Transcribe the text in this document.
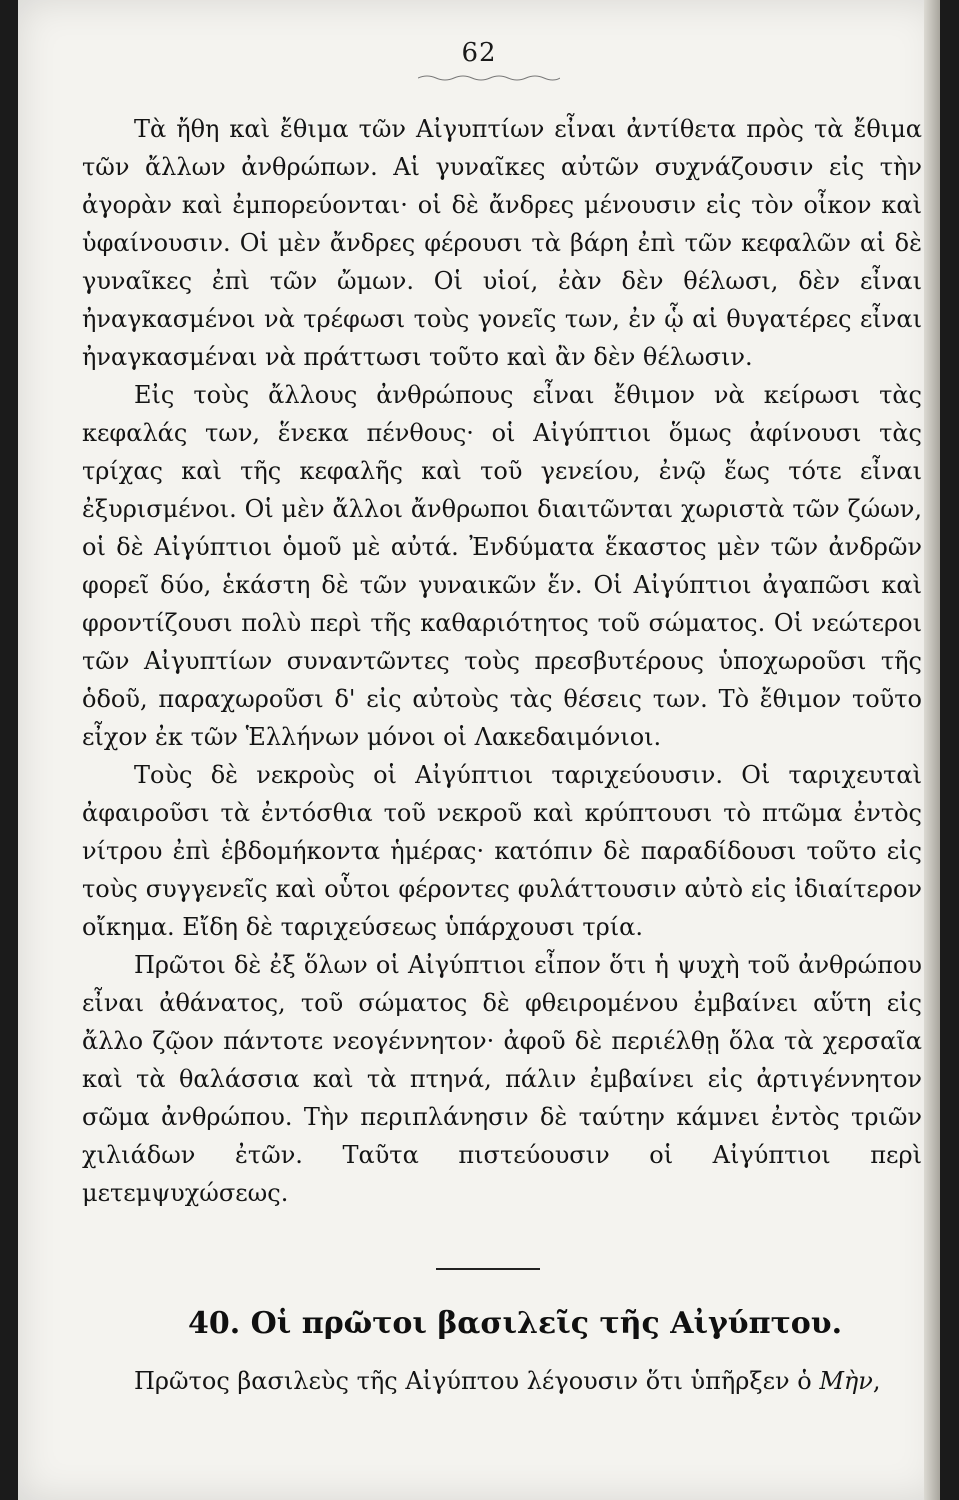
62

Τὰ ἤθη καὶ ἔθιμα τῶν Αἰγυπτίων εἶναι ἀντίθετα πρὸς τὰ ἔθιμα τῶν ἄλλων ἀνθρώπων. Αἱ γυναῖκες αὐτῶν συχνάζουσιν εἰς τὴν ἀγορὰν καὶ ἐμπορεύονται· οἱ δὲ ἄνδρες μένουσιν εἰς τὸν οἶκον καὶ ὑφαίνουσιν. Οἱ μὲν ἄνδρες φέρουσι τὰ βάρη ἐπὶ τῶν κεφαλῶν αἱ δὲ γυναῖκες ἐπὶ τῶν ὤμων. Οἱ υἱοί, ἐὰν δὲν θέλωσι, δὲν εἶναι ἠναγκασμένοι νὰ τρέφωσι τοὺς γονεῖς των, ἐν ᾧ αἱ θυγατέρες εἶναι ἠναγκασμέναι νὰ πράττωσι τοῦτο καὶ ἂν δὲν θέλωσιν.

Εἰς τοὺς ἄλλους ἀνθρώπους εἶναι ἔθιμον νὰ κείρωσι τὰς κεφαλάς των, ἕνεκα πένθους· οἱ Αἰγύπτιοι ὅμως ἀφίνουσι τὰς τρίχας καὶ τῆς κεφαλῆς καὶ τοῦ γενείου, ἐνῷ ἕως τότε εἶναι ἐξυρισμένοι. Οἱ μὲν ἄλλοι ἄνθρωποι διαιτῶνται χωριστὰ τῶν ζώων, οἱ δὲ Αἰγύπτιοι ὁμοῦ μὲ αὐτά. Ἐνδύματα ἕκαστος μὲν τῶν ἀνδρῶν φορεῖ δύο, ἑκάστη δὲ τῶν γυναικῶν ἕν. Οἱ Αἰγύπτιοι ἀγαπῶσι καὶ φροντίζουσι πολὺ περὶ τῆς καθαριότητος τοῦ σώματος. Οἱ νεώτεροι τῶν Αἰγυπτίων συναντῶντες τοὺς πρεσβυτέρους ὑποχωροῦσι τῆς ὁδοῦ, παραχωροῦσι δ' εἰς αὐτοὺς τὰς θέσεις των. Τὸ ἔθιμον τοῦτο εἶχον ἐκ τῶν Ἑλλήνων μόνοι οἱ Λακεδαιμόνιοι.

Τοὺς δὲ νεκροὺς οἱ Αἰγύπτιοι ταριχεύουσιν. Οἱ ταριχευταὶ ἀφαιροῦσι τὰ ἐντόσθια τοῦ νεκροῦ καὶ κρύπτουσι τὸ πτῶμα ἐντὸς νίτρου ἐπὶ ἑβδομήκοντα ἡμέρας· κατόπιν δὲ παραδίδουσι τοῦτο εἰς τοὺς συγγενεῖς καὶ οὗτοι φέροντες φυλάττουσιν αὐτὸ εἰς ἰδιαίτερον οἴκημα. Εἴδη δὲ ταριχεύσεως ὑπάρχουσι τρία.

Πρῶτοι δὲ ἐξ ὅλων οἱ Αἰγύπτιοι εἶπον ὅτι ἡ ψυχὴ τοῦ ἀνθρώπου εἶναι ἀθάνατος, τοῦ σώματος δὲ φθειρομένου ἐμβαίνει αὕτη εἰς ἄλλο ζῷον πάντοτε νεογέννητον· ἀφοῦ δὲ περιέλθῃ ὅλα τὰ χερσαῖα καὶ τὰ θαλάσσια καὶ τὰ πτηνά, πάλιν ἐμβαίνει εἰς ἀρτιγέννητον σῶμα ἀνθρώπου. Τὴν περιπλάνησιν δὲ ταύτην κάμνει ἐντὸς τριῶν χιλιάδων ἐτῶν. Ταῦτα πιστεύουσιν οἱ Αἰγύπτιοι περὶ μετεμψυχώσεως.

40. Οἱ πρῶτοι βασιλεῖς τῆς Αἰγύπτου.
Πρῶτος βασιλεὺς τῆς Αἰγύπτου λέγουσιν ὅτι ὑπῆρξεν ὁ Μὴν,
